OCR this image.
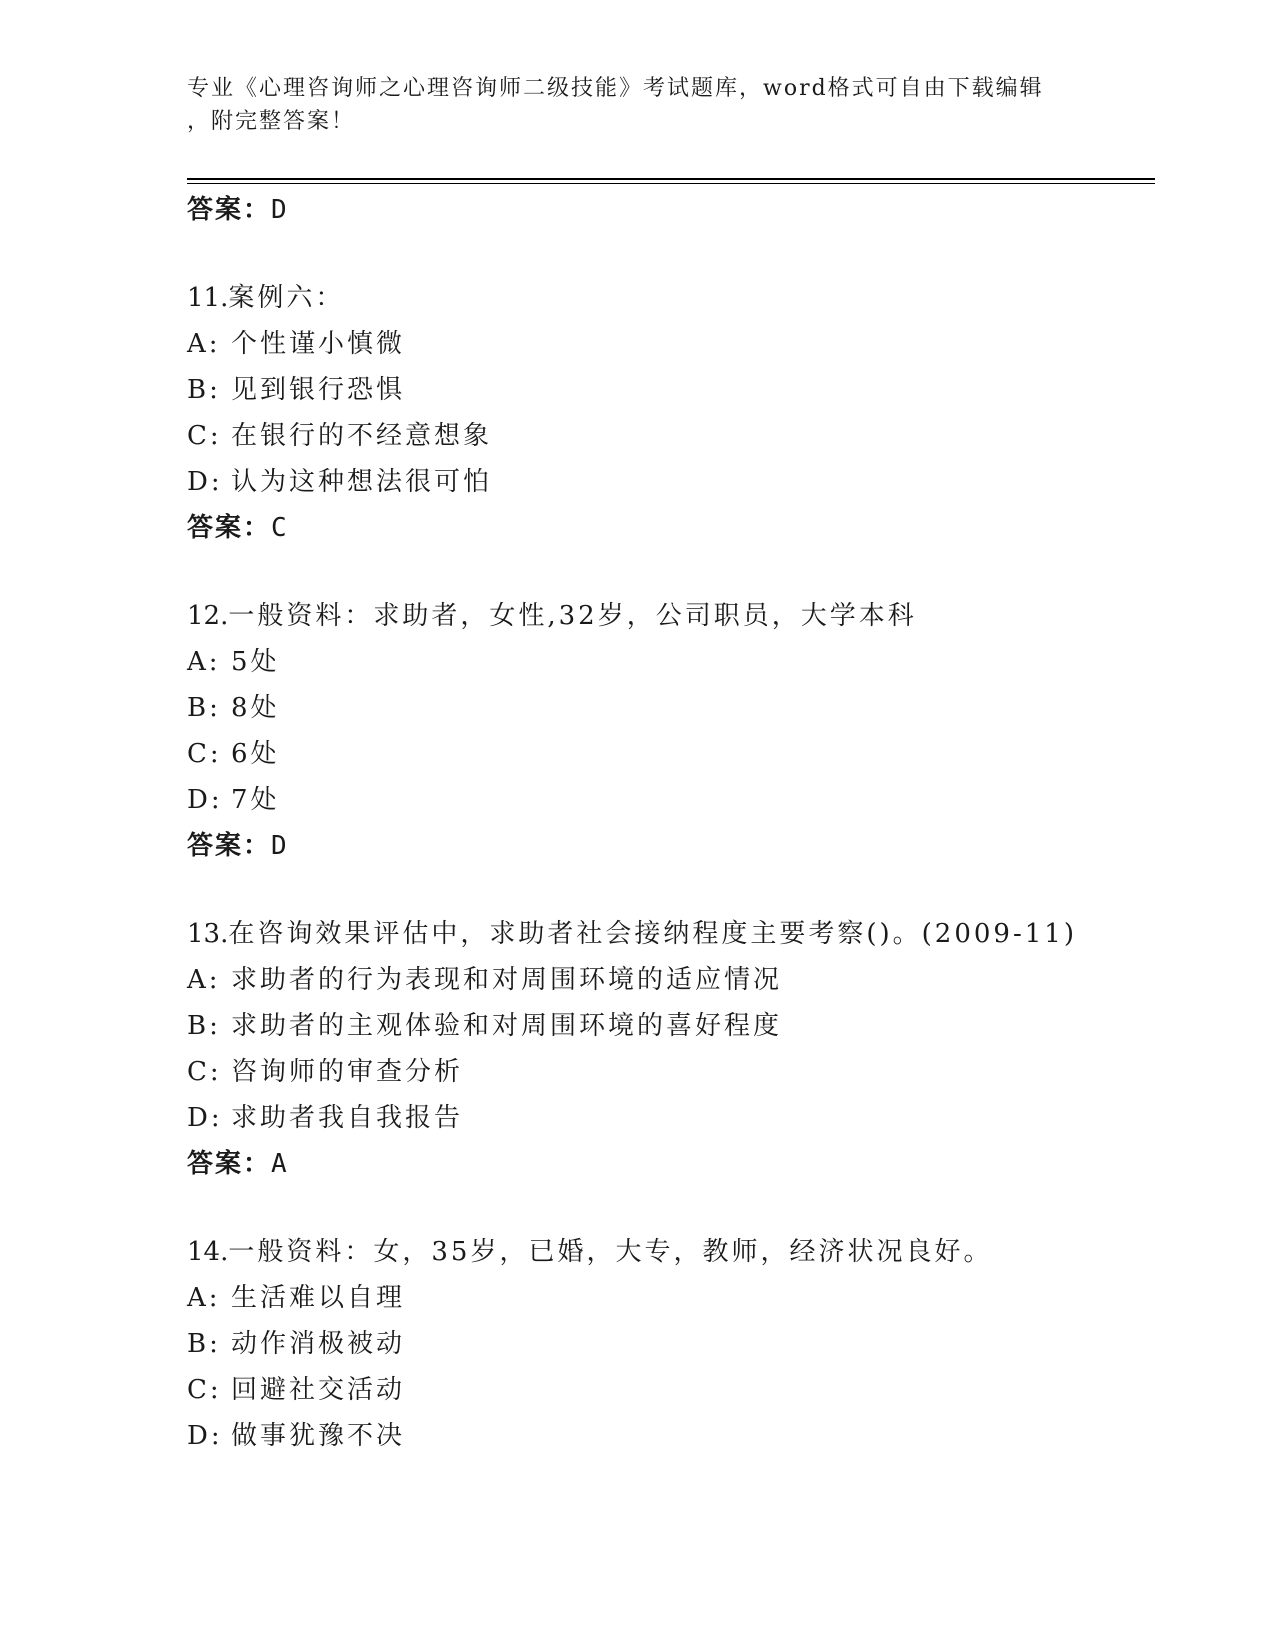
专业《心理咨询师之心理咨询师二级技能》考试题库，word格式可自由下载编辑
，附完整答案！
答案：D
11.案例六：
A: 个性谨小慎微
B: 见到银行恐惧
C: 在银行的不经意想象
D: 认为这种想法很可怕
答案：C
12.一般资料：求助者，女性,32岁，公司职员，大学本科
A: 5处
B: 8处
C: 6处
D: 7处
答案：D
13.在咨询效果评估中，求助者社会接纳程度主要考察()。(2009-11)
A: 求助者的行为表现和对周围环境的适应情况
B: 求助者的主观体验和对周围环境的喜好程度
C: 咨询师的审查分析
D: 求助者我自我报告
答案：A
14.一般资料：女，35岁，已婚，大专，教师，经济状况良好。
A: 生活难以自理
B: 动作消极被动
C: 回避社交活动
D: 做事犹豫不决
